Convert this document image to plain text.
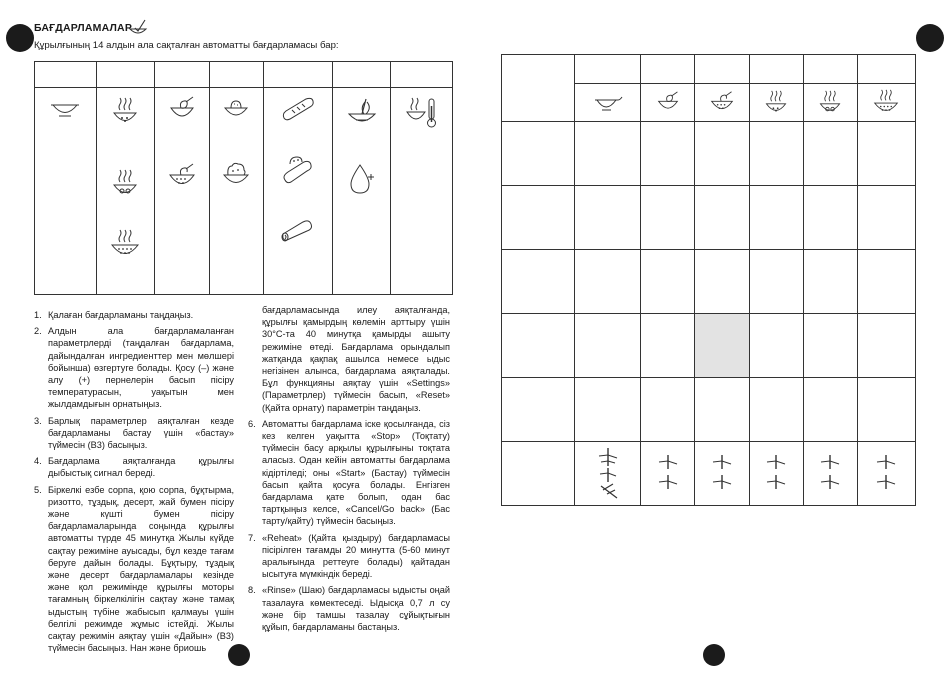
БАҒДАРЛАМАЛАР
Құрылғының 14 алдын ала сақталған автоматты бағдарламасы бар:

1. Қалаған бағдарламаны таңдаңыз.
2. Алдын ала бағдарламаланған параметрлерді (таңдалған бағдарлама, дайындалған ингредиенттер мен мөлшері бойынша) өзгертуге болады. Қосу (–) және алу (+) пернелерін басып пісіру температурасын, уақытын мен жылдамдығын орнатыңыз.
3. Барлық параметрлер аяқталған кезде бағдарламаны бастау үшін «бастау» түймесін (В3) басыңыз.
4. Бағдарлама аяқталғанда құрылғы дыбыстық сигнал береді.
5. Біркелкі езбе сорпа, қою сорпа, бұқтырма, ризотто, тұздық, десерт, жай бумен пісіру және күшті бумен пісіру бағдарламаларында соңында құрылғы автоматты түрде 45 минутқа Жылы күйде сақтау режиміне ауысады, бұл кезде тағам беруге дайын болады. Бұқтыру, тұздық және десерт бағдарламалары кезінде және қол режимінде құрылғы моторы тағамның біркелкілігін сақтау және тамақ ыдыстың түбіне жабысып қалмауы үшін белгілі режимде жұмыс істейді. Жылы сақтау режимін аяқтау үшін «Дайын» (В3) түймесін басыңыз. Нан және бриошь
бағдарламасында илеу аяқталғанда, құрылғы қамырдың көлемін арттыру үшін 30°C-та 40 минутқа қамырды ашыту режиміне өтеді. Бағдарлама орындалып жатқанда қақпақ ашылса немесе ыдыс негізінен алынса, бағдарлама аяқталады. Бұл функцияны аяқтау үшін «Settings» (Параметрлер) түймесін басып, «Reset» (Қайта орнату) параметрін таңдаңыз.
6. Автоматты бағдарлама іске қосылғанда, сіз кез келген уақытта «Stop» (Тоқтату) түймесін басу арқылы құрылғыны тоқтата аласыз. Одан кейін автоматты бағдарлама кідіртіледі; оны «Start» (Бастау) түймесін басып қайта қосуға болады. Енгізген бағдарлама қате болып, одан бас тартқыңыз келсе, «Cancel/Go back» (Бас тарту/қайту) түймесін басыңыз.
7. «Reheat» (Қайта қыздыру) бағдарламасы пісірілген тағамды 20 минутта (5-60 минут аралығында реттеуге болады) қайтадан ысытуға мүмкіндік береді.
8. «Rinse» (Шаю) бағдарламасы ыдысты оңай тазалауға көмектеседі. Ыдысқа 0,7 л су және бір тамшы тазалау сұйықтығын құйып, бағдарламаны бастаңыз.
